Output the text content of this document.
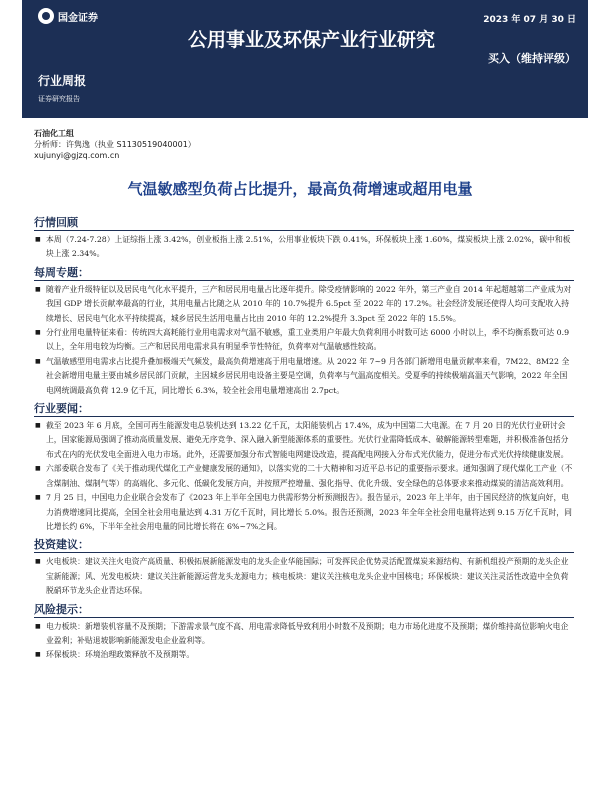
国金证券
行业周报
证券研究报告
2023 年 07 月 30 日
公用事业及环保产业行业研究
买入（维持评级）
石油化工组
分析师：许隽逸（执业 S1130519040001）
xujunyi@gjzq.com.cn
气温敏感型负荷占比提升，最高负荷增速或超用电量
行情回顾
■ 本周（7.24-7.28）上证综指上涨 3.42%，创业板指上涨 2.51%，公用事业板块下跌 0.41%，环保板块上涨 1.60%，煤炭板块上涨 2.02%，碳中和板块上涨 2.34%。
每周专题：
■ 随着产业升级特征以及居民电气化水平提升，三产和居民用电量占比逐年提升。除受疫情影响的 2022 年外，第三产业自 2014 年起超越第二产业成为对我国 GDP 增长贡献率最高的行业，其用电量占比随之从 2010 年的 10.7%提升 6.5pct 至 2022 年的 17.2%。社会经济发展还使得人均可支配收入持续增长、居民电气化水平持续提高，城乡居民生活用电量占比由 2010 年的 12.2%提升 3.3pct 至 2022 年的 15.5%。
■ 分行业用电量特征来看：传统四大高耗能行业用电需求对气温不敏感，重工业类用户年最大负荷利用小时数可达 6000 小时以上，季不均衡系数可达 0.9 以上，全年用电较为均衡。三产和居民用电需求具有明显季节性特征，负荷率对气温敏感性较高。
■ 气温敏感型用电需求占比提升叠加极端天气频发，最高负荷增速高于用电量增速。从 2022 年 7~9 月各部门新增用电量贡献率来看，7M22、8M22 全社会新增用电量主要由城乡居民部门贡献，主因城乡居民用电设备主要是空调，负荷率与气温高度相关。受夏季的持续极端高温天气影响，2022 年全国电网统调最高负荷 12.9 亿千瓦，同比增长 6.3%，较全社会用电量增速高出 2.7pct。
行业要闻：
■ 截至 2023 年 6 月底，全国可再生能源发电总装机达到 13.22 亿千瓦，太阳能装机占 17.4%，成为中国第二大电源。在 7 月 20 日的光伏行业研讨会上，国家能源局强调了推动高质量发展、避免无序竞争、深入融入新型能源体系的重要性。光伏行业需降低成本、破解能源转型难题，并积极准备包括分布式在内的光伏发电全面进入电力市场。此外，还需要加强分布式智能电网建设改造，提高配电网接入分布式光伏能力，促进分布式光伏持续健康发展。
■ 六部委联合发布了《关于推动现代煤化工产业健康发展的通知》，以落实党的二十大精神和习近平总书记的重要指示要求。通知强调了现代煤化工产业（不含煤制油、煤制气等）的高端化、多元化、低碳化发展方向，并按照严控增量、强化指导、优化升级、安全绿色的总体要求来推动煤炭的清洁高效利用。
■ 7 月 25 日，中国电力企业联合会发布了《2023 年上半年全国电力供需形势分析预测报告》。报告显示，2023 年上半年，由于国民经济的恢复向好，电力消费增速同比提高，全国全社会用电量达到 4.31 万亿千瓦时，同比增长 5.0%。报告还预测，2023 年全年全社会用电量将达到 9.15 万亿千瓦时，同比增长约 6%，下半年全社会用电量的同比增长将在 6%~7%之间。
投资建议：
■ 火电板块：建议关注火电资产高质量、积极拓展新能源发电的龙头企业华能国际；可发挥民企优势灵活配置煤炭来源结构、有新机组投产预期的龙头企业宝新能源；风、光发电板块：建议关注新能源运营龙头龙源电力；核电板块：建议关注核电龙头企业中国核电；环保板块：建议关注灵活性改造中全负荷脱硝环节龙头企业青达环保。
风险提示：
■ 电力板块：新增装机容量不及预期；下游需求景气度不高、用电需求降低导致利用小时数不及预期；电力市场化进度不及预期；煤价维持高位影响火电企业盈利；补贴退坡影响新能源发电企业盈利等。
■ 环保板块：环境治理政策释放不及预期等。
